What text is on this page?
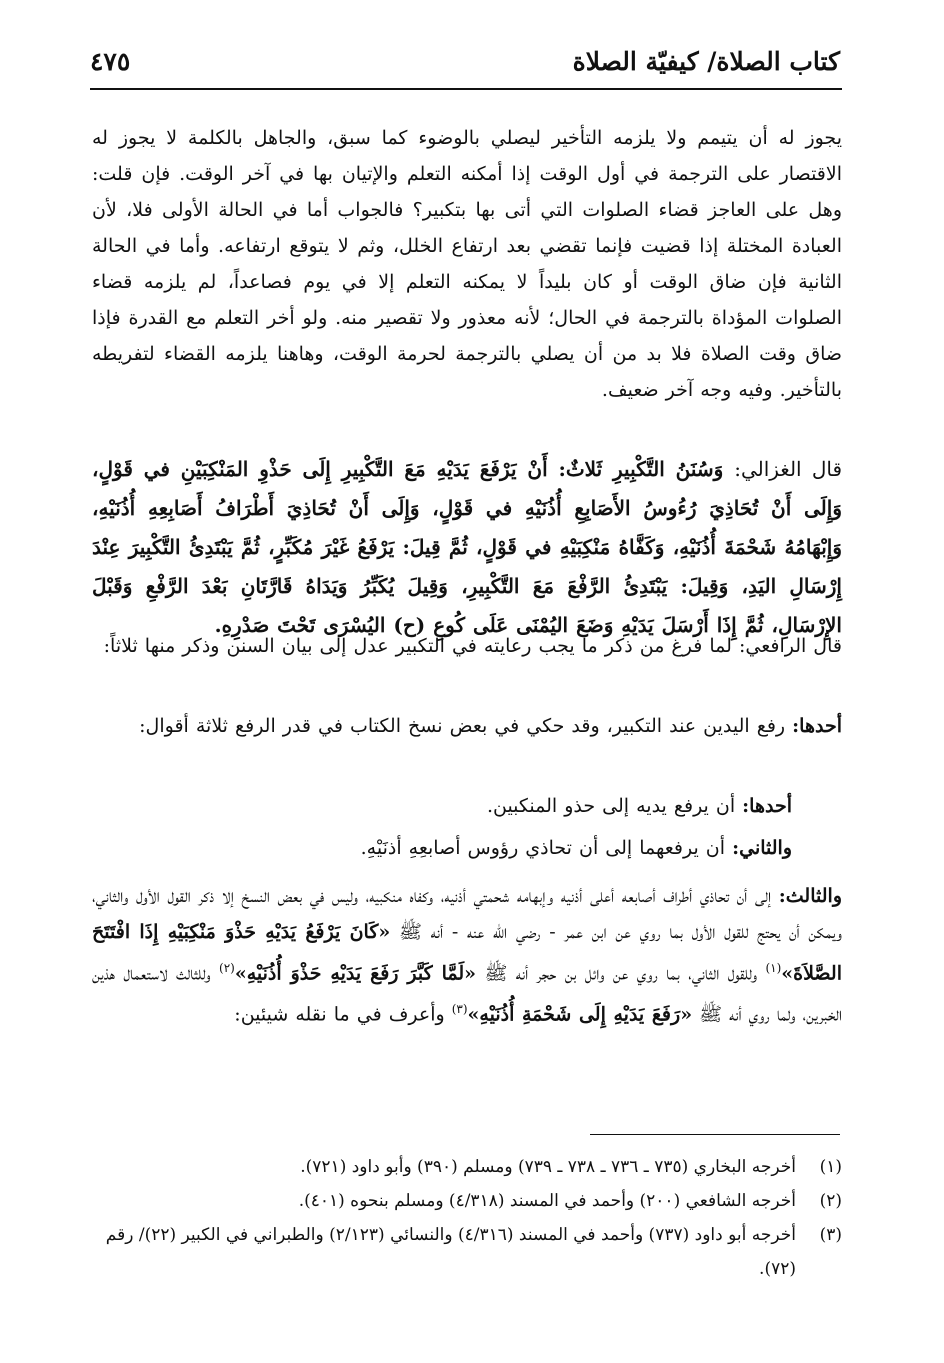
كتاب الصلاة/ كيفيّة الصلاة
٤٧٥
يجوز له أن يتيمم ولا يلزمه التأخير ليصلي بالوضوء كما سبق، والجاهل بالكلمة لا يجوز له الاقتصار على الترجمة في أول الوقت إذا أمكنه التعلم والإتيان بها في آخر الوقت. فإن قلت: وهل على العاجز قضاء الصلوات التي أتى بها بتكبير؟ فالجواب أما في الحالة الأولى فلا، لأن العبادة المختلة إذا قضيت فإنما تقضي بعد ارتفاع الخلل، وثم لا يتوقع ارتفاعه. وأما في الحالة الثانية فإن ضاق الوقت أو كان بليداً لا يمكنه التعلم إلا في يوم فصاعداً، لم يلزمه قضاء الصلوات المؤداة بالترجمة في الحال؛ لأنه معذور ولا تقصير منه. ولو أخر التعلم مع القدرة فإذا ضاق وقت الصلاة فلا بد من أن يصلي بالترجمة لحرمة الوقت، وهاهنا يلزمه القضاء لتفريطه بالتأخير. وفيه وجه آخر ضعيف.
قال الغزالي: وَسُنَنُ التَّكْبِيرِ ثَلاثٌ: أَنْ يَرْفَعَ يَدَيْهِ مَعَ التَّكْبِيرِ إِلَى حَذْوِ المَنْكِبَيْنِ في قَوْلٍ، وَإِلَى أَنْ تُحَاذِيَ رُءُوسُ الأَصَابِعِ أُذُنَيْهِ في قَوْلٍ، وَإِلَى أَنْ تُحَاذِيَ أَطْرَافُ أَصَابِعِهِ أُذُنَيْهِ، وَإِبْهَامُهُ شَحْمَةَ أُذُنَيْهِ، وَكَفَّاهُ مَنْكِبَيْهِ في قَوْلٍ، ثُمَّ قِيلَ: يَرْفَعُ غَيْرَ مُكَبِّرٍ، ثُمَّ يَبْتَدِئُ التَّكْبِيرَ عِنْدَ إِرْسَالِ اليَدِ، وَقِيلَ: يَبْتَدِئُ الرَّفْعَ مَعَ التَّكْبِيرِ، وَقِيلَ يُكَبِّرُ وَيَدَاهُ قَارَّتَانِ بَعْدَ الرَّفْعِ وَقَبْلَ الإِرْسَالِ، ثُمَّ إِذَا أَرْسَلَ يَدَيْهِ وَضَعَ اليُمْنَى عَلَى كُوعِ (ح) اليُسْرَى تَحْتَ صَدْرِهِ.
قال الرافعي: لما فرغ من ذكر ما يجب رعايته في التكبير عدل إلى بيان السنن وذكر منها ثلاثاً:
أحدها: رفع اليدين عند التكبير، وقد حكي في بعض نسخ الكتاب في قدر الرفع ثلاثة أقوال:
أحدها: أن يرفع يديه إلى حذو المنكبين.
والثاني: أن يرفعهما إلى أن تحاذي رؤوس أصابعِهِ أذنَيْهِ.
والثالث: إلى أن تحاذي أطراف أصابعه أعلى أذنيه وإبهامه شحمتي أذنيه، وكفاه منكبيه، وليس في بعض النسخ إلا ذكر القول الأول والثاني، ويمكن أن يحتج للقول الأول بما روي عن ابن عمر - رضي الله عنه - أنه ﷺ «كَانَ يَرْفَعُ يَدَيْهِ حَذْوَ مَنْكِبَيْهِ إِذَا افْتَتَحَ الصَّلاَةَ»$^{(١)}$ وللقول الثاني، بما روي عن وائل بن حجر أنه ﷺ «لَمَّا كَبَّرَ رَفَعَ يَدَيْهِ حَذْوَ أُذُنَيْهِ»$^{(٢)}$ وللثالث لاستعمال هذين الخبرين، ولما روي أنه ﷺ «رَفَعَ يَدَيْهِ إِلَى شَحْمَةِ أُذُنَيْهِ»$^{(٣)}$ وأعرف في ما نقله شيئين:
(١)
أخرجه البخاري (٧٣٥ ـ ٧٣٦ ـ ٧٣٨ ـ ٧٣٩) ومسلم (٣٩٠) وأبو داود (٧٢١).
(٢)
أخرجه الشافعي (٢٠٠) وأحمد في المسند (٤/٣١٨) ومسلم بنحوه (٤٠١).
(٣)
أخرجه أبو داود (٧٣٧) وأحمد في المسند (٤/٣١٦) والنسائي (٢/١٢٣) والطبراني في الكبير (٢٢)/ رقم (٧٢).
